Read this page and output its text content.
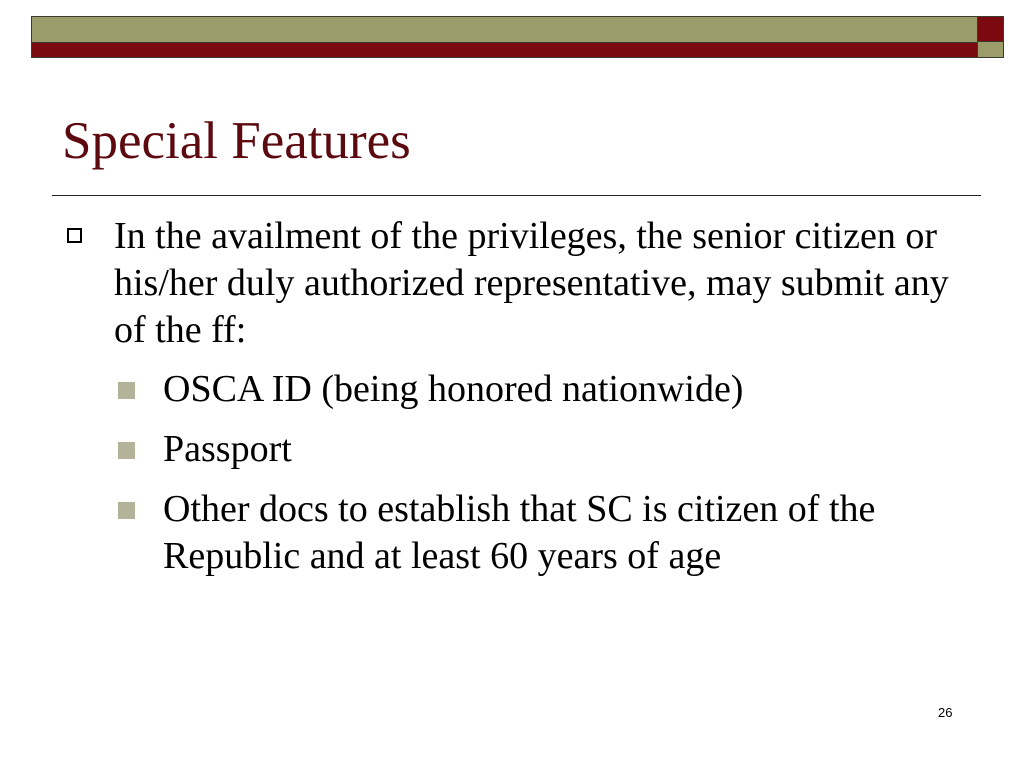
Special Features
In the availment of the privileges, the senior citizen or his/her duly authorized representative, may submit any of the ff:
OSCA ID (being honored nationwide)
Passport
Other docs to establish that SC is citizen of the Republic and at least 60 years of age
26
